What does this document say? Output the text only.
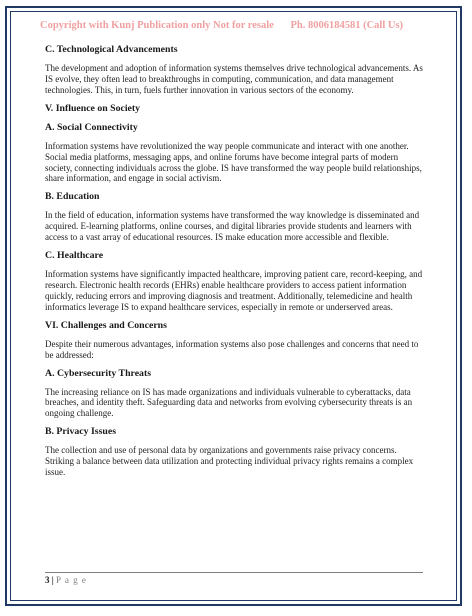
Copyright with Kunj Publication only Not for resale Ph. 8006184581 (Call Us)
C. Technological Advancements

The development and adoption of information systems themselves drive technological advancements. As IS evolve, they often lead to breakthroughs in computing, communication, and data management technologies. This, in turn, fuels further innovation in various sectors of the economy.

V. Influence on Society
A. Social Connectivity

Information systems have revolutionized the way people communicate and interact with one another. Social media platforms, messaging apps, and online forums have become integral parts of modern society, connecting individuals across the globe. IS have transformed the way people build relationships, share information, and engage in social activism.

B. Education

In the field of education, information systems have transformed the way knowledge is disseminated and acquired. E-learning platforms, online courses, and digital libraries provide students and learners with access to a vast array of educational resources. IS make education more accessible and flexible.

C. Healthcare

Information systems have significantly impacted healthcare, improving patient care, record-keeping, and research. Electronic health records (EHRs) enable healthcare providers to access patient information quickly, reducing errors and improving diagnosis and treatment. Additionally, telemedicine and health informatics leverage IS to expand healthcare services, especially in remote or underserved areas.

VI. Challenges and Concerns

Despite their numerous advantages, information systems also pose challenges and concerns that need to be addressed:

A. Cybersecurity Threats

The increasing reliance on IS has made organizations and individuals vulnerable to cyberattacks, data breaches, and identity theft. Safeguarding data and networks from evolving cybersecurity threats is an ongoing challenge.

B. Privacy Issues

The collection and use of personal data by organizations and governments raise privacy concerns. Striking a balance between data utilization and protecting individual privacy rights remains a complex issue.

3 | P a g e
